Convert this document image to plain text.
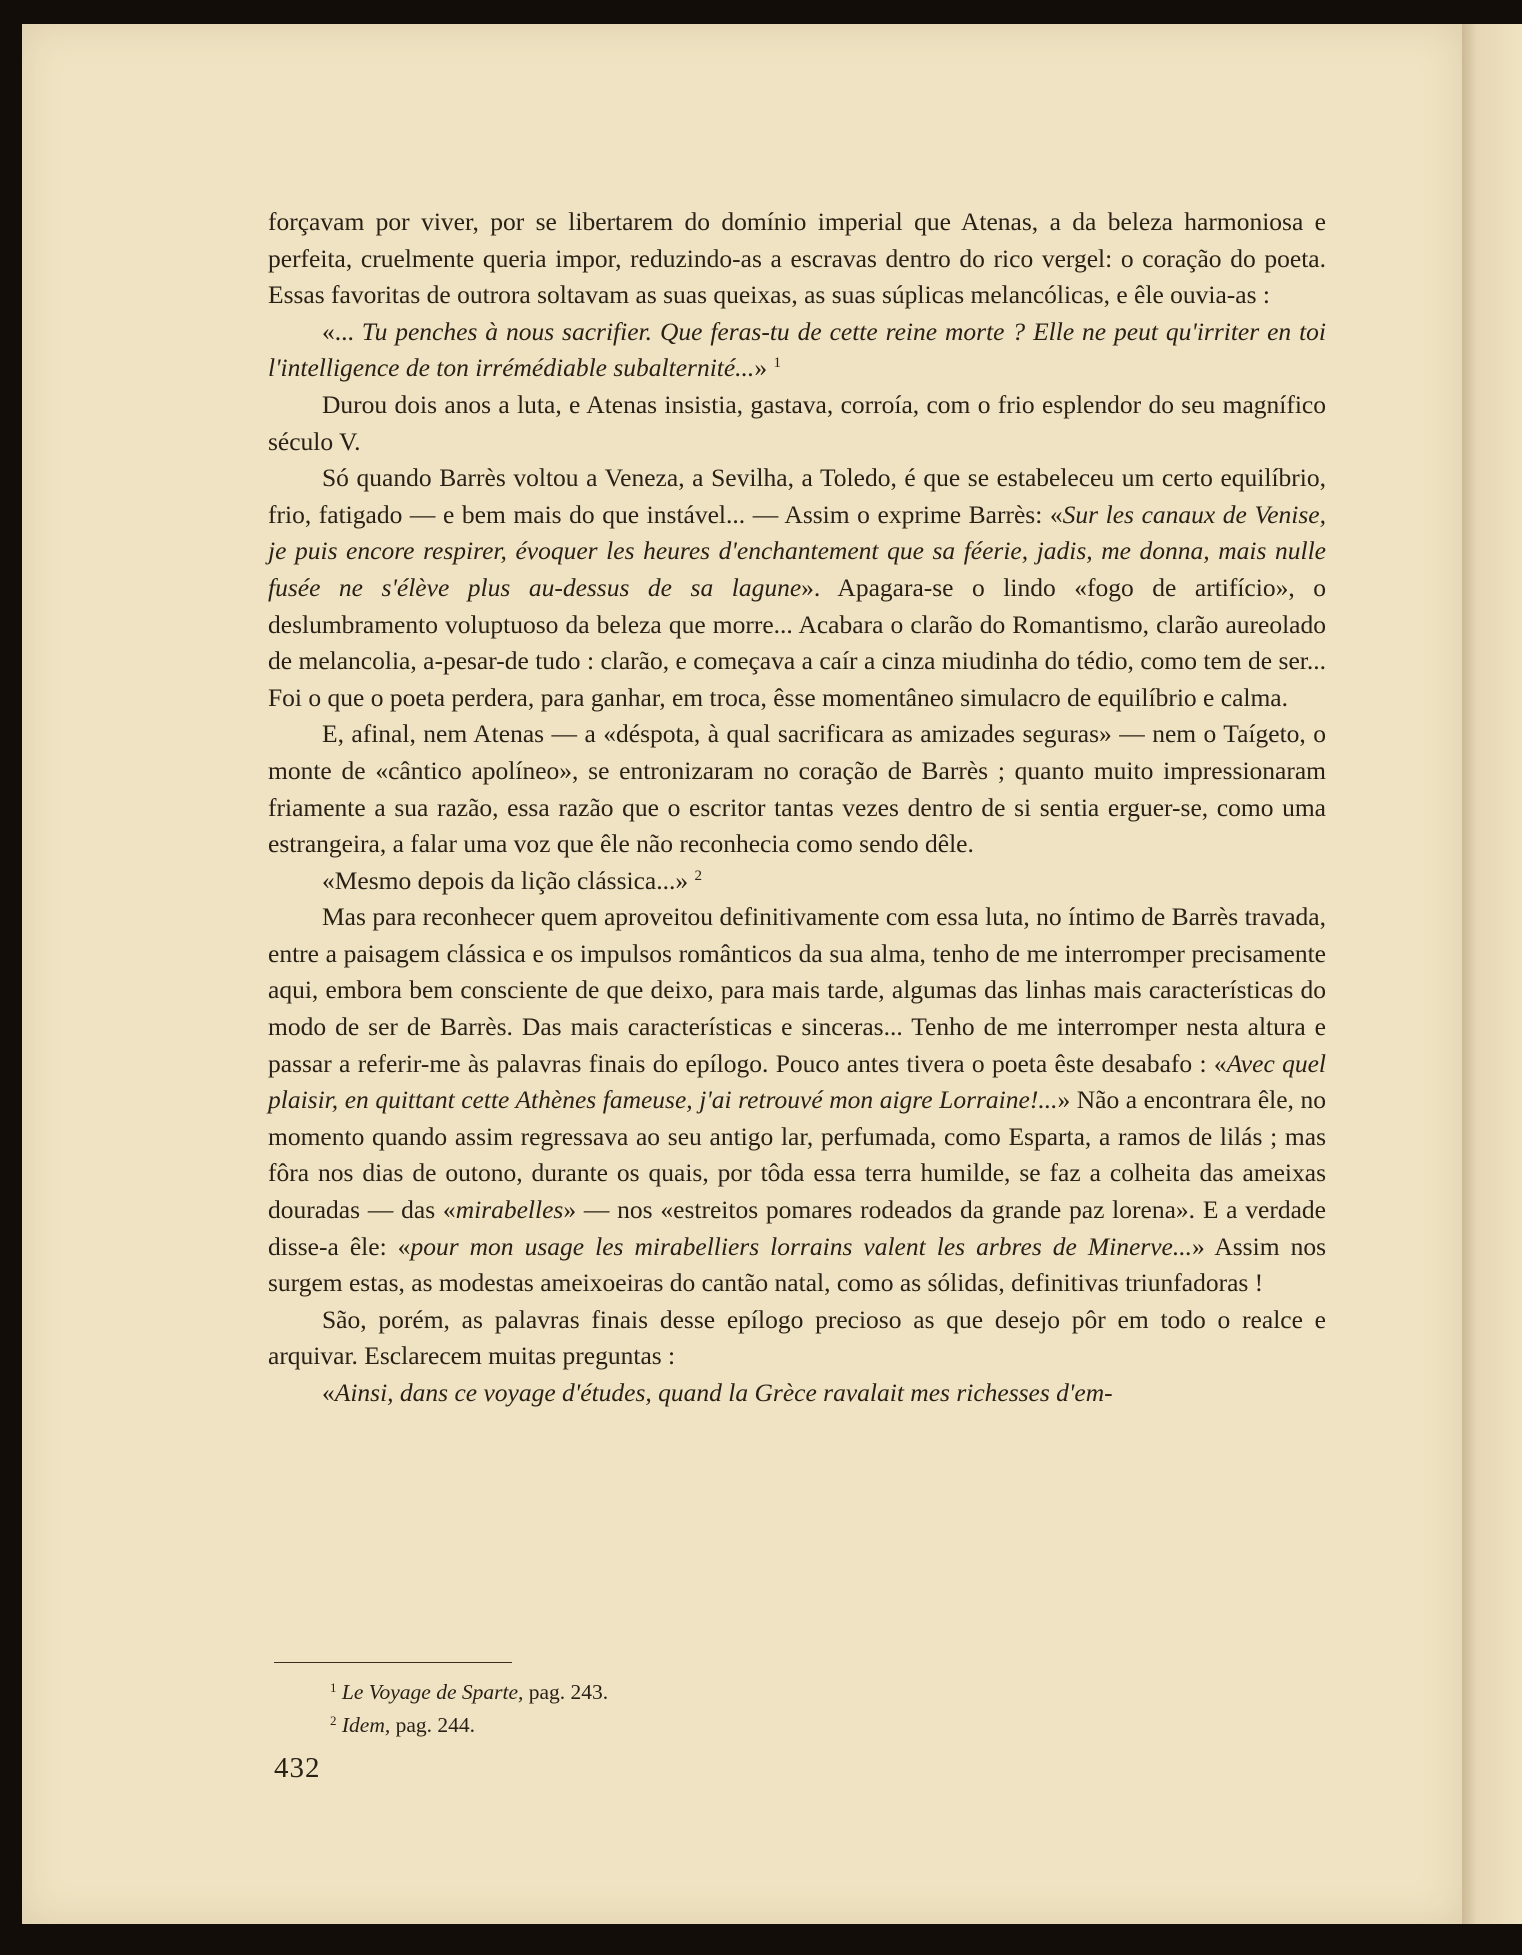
forçavam por viver, por se libertarem do domínio imperial que Atenas, a da beleza harmoniosa e perfeita, cruelmente queria impor, reduzindo-as a escravas dentro do rico vergel: o coração do poeta. Essas favoritas de outrora soltavam as suas queixas, as suas súplicas melancólicas, e êle ouvia-as :

«... Tu penches à nous sacrifier. Que feras-tu de cette reine morte ? Elle ne peut qu'irriter en toi l'intelligence de ton irrémédiable subalternité...» $^1$

Durou dois anos a luta, e Atenas insistia, gastava, corroía, com o frio esplendor do seu magnífico século V.

Só quando Barrès voltou a Veneza, a Sevilha, a Toledo, é que se estabeleceu um certo equilíbrio, frio, fatigado — e bem mais do que instável... — Assim o exprime Barrès: «Sur les canaux de Venise, je puis encore respirer, évoquer les heures d'enchantement que sa féerie, jadis, me donna, mais nulle fusée ne s'élève plus au-dessus de sa lagune». Apagara-se o lindo «fogo de artifício», o deslumbramento voluptuoso da beleza que morre... Acabara o clarão do Romantismo, clarão aureolado de melancolia, a-pesar-de tudo : clarão, e começava a caír a cinza miudinha do tédio, como tem de ser... Foi o que o poeta perdera, para ganhar, em troca, êsse momentâneo simulacro de equilíbrio e calma.

E, afinal, nem Atenas — a «déspota, à qual sacrificara as amizades seguras» — nem o Taígeto, o monte de «cântico apolíneo», se entronizaram no coração de Barrès ; quanto muito impressionaram friamente a sua razão, essa razão que o escritor tantas vezes dentro de si sentia erguer-se, como uma estrangeira, a falar uma voz que êle não reconhecia como sendo dêle.

«Mesmo depois da lição clássica...» $^2$

Mas para reconhecer quem aproveitou definitivamente com essa luta, no íntimo de Barrès travada, entre a paisagem clássica e os impulsos românticos da sua alma, tenho de me interromper precisamente aqui, embora bem consciente de que deixo, para mais tarde, algumas das linhas mais características do modo de ser de Barrès. Das mais características e sinceras... Tenho de me interromper nesta altura e passar a referir-me às palavras finais do epílogo. Pouco antes tivera o poeta êste desabafo : «Avec quel plaisir, en quittant cette Athènes fameuse, j'ai retrouvé mon aigre Lorraine!...» Não a encontrara êle, no momento quando assim regressava ao seu antigo lar, perfumada, como Esparta, a ramos de lilás ; mas fôra nos dias de outono, durante os quais, por tôda essa terra humilde, se faz a colheita das ameixas douradas — das «mirabelles» — nos «estreitos pomares rodeados da grande paz lorena». E a verdade disse-a êle: «pour mon usage les mirabelliers lorrains valent les arbres de Minerve...» Assim nos surgem estas, as modestas ameixoeiras do cantão natal, como as sólidas, definitivas triunfadoras !

São, porém, as palavras finais desse epílogo precioso as que desejo pôr em todo o realce e arquivar. Esclarecem muitas preguntas :

«Ainsi, dans ce voyage d'études, quand la Grèce ravalait mes richesses d'em-

$^1$ Le Voyage de Sparte, pag. 243.
$^2$ Idem, pag. 244.
432
